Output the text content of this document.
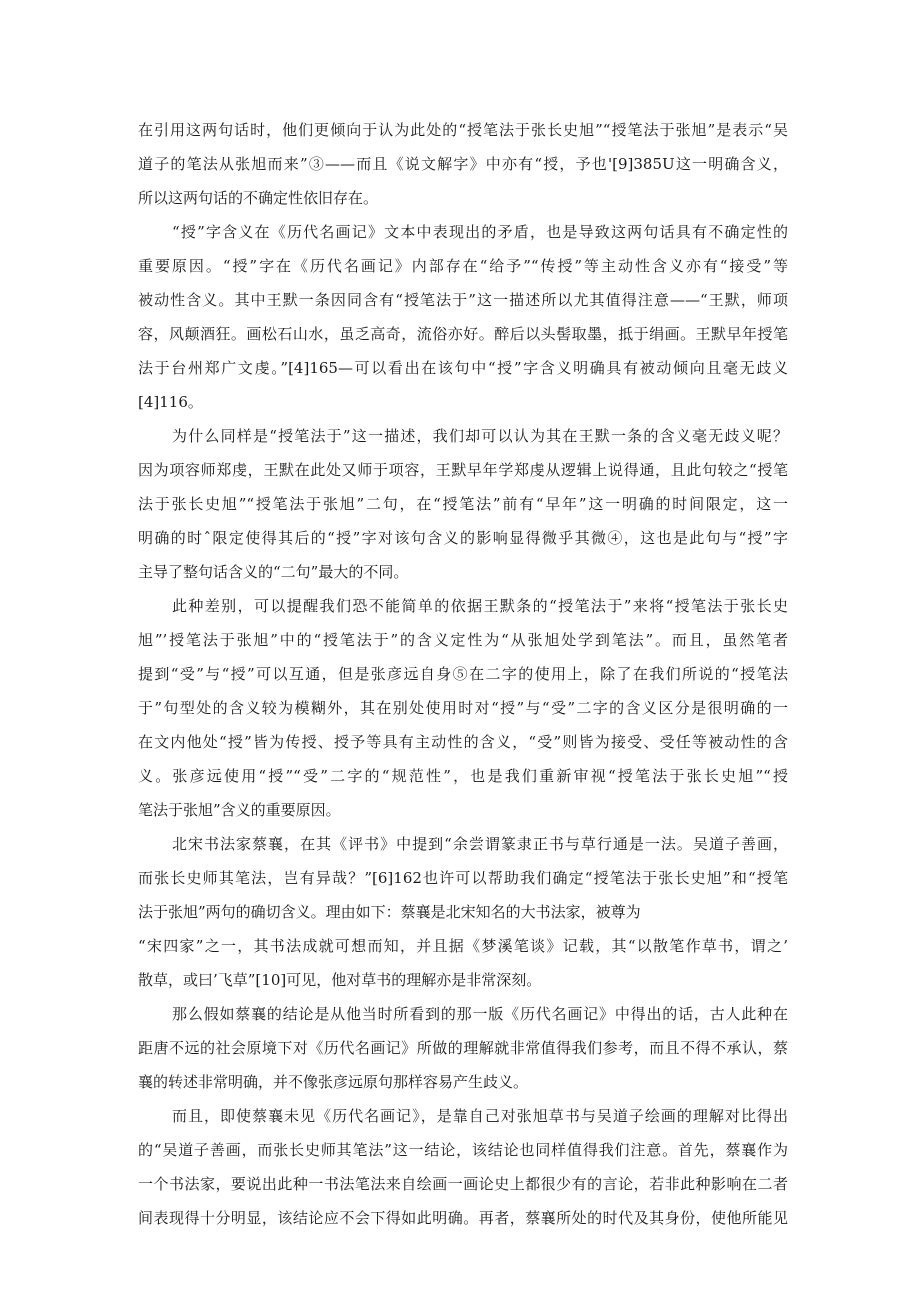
在引用这两句话时，他们更倾向于认为此处的“授笔法于张长史旭”“授笔法于张旭”是表示“吴
道子的笔法从张旭而来”③——而且《说文解字》中亦有“授，予也'[9]385U这一明确含义，
所以这两句话的不确定性依旧存在。
“授”字含义在《历代名画记》文本中表现出的矛盾，也是导致这两句话具有不确定性的
重要原因。“授”字在《历代名画记》内部存在“给予”“传授”等主动性含义亦有“接受”等
被动性含义。其中王默一条因同含有“授笔法于”这一描述所以尤其值得注意——“王默，师项
容，风颠酒狂。画松石山水，虽乏高奇，流俗亦好。醉后以头髻取墨，抵于绢画。王默早年授笔
法于台州郑广文虔。”[4]165—可以看出在该句中“授”字含义明确具有被动倾向且毫无歧义
[4]116。
为什么同样是“授笔法于”这一描述，我们却可以认为其在王默一条的含义毫无歧义呢？
因为项容师郑虔，王默在此处又师于项容，王默早年学郑虔从逻辑上说得通，且此句较之“授笔
法于张长史旭”“授笔法于张旭”二句，在“授笔法”前有“早年”这一明确的时间限定，这一
明确的时ˆ限定使得其后的“授”字对该句含义的影响显得微乎其微④，这也是此句与“授”字
主导了整句话含义的“二句”最大的不同。
此种差别，可以提醒我们恐不能简单的依据王默条的“授笔法于”来将“授笔法于张长史
旭”’授笔法于张旭”中的“授笔法于”的含义定性为“从张旭处学到笔法”。而且，虽然笔者
提到“受”与“授”可以互通，但是张彦远自身⑤在二字的使用上，除了在我们所说的“授笔法
于”句型处的含义较为模糊外，其在别处使用时对“授”与“受”二字的含义区分是很明确的一
在文内他处“授”皆为传授、授予等具有主动性的含义，“受”则皆为接受、受任等被动性的含
义。张彦远使用“授”“受”二字的“规范性”，也是我们重新审视“授笔法于张长史旭”“授
笔法于张旭”含义的重要原因。
北宋书法家蔡襄，在其《评书》中提到“余尝谓篆隶正书与草行通是一法。吴道子善画，
而张长史师其笔法，岂有异哉？”[6]162也许可以帮助我们确定“授笔法于张长史旭”和“授笔
法于张旭”两句的确切含义。理由如下：蔡襄是北宋知名的大书法家，被尊为
“宋四家”之一，其书法成就可想而知，并且据《梦溪笔谈》记载，其“以散笔作草书，谓之’
散草，或曰’飞草”[10]可见，他对草书的理解亦是非常深刻。
那么假如蔡襄的结论是从他当时所看到的那一版《历代名画记》中得出的话，古人此种在
距唐不远的社会原境下对《历代名画记》所做的理解就非常值得我们参考，而且不得不承认，蔡
襄的转述非常明确，并不像张彦远原句那样容易产生歧义。
而且，即使蔡襄未见《历代名画记》，是靠自己对张旭草书与吴道子绘画的理解对比得出
的“吴道子善画，而张长史师其笔法”这一结论，该结论也同样值得我们注意。首先，蔡襄作为
一个书法家，要说出此种一书法笔法来自绘画一画论史上都很少有的言论，若非此种影响在二者
间表现得十分明显，该结论应不会下得如此明确。再者，蔡襄所处的时代及其身份，使他所能见
